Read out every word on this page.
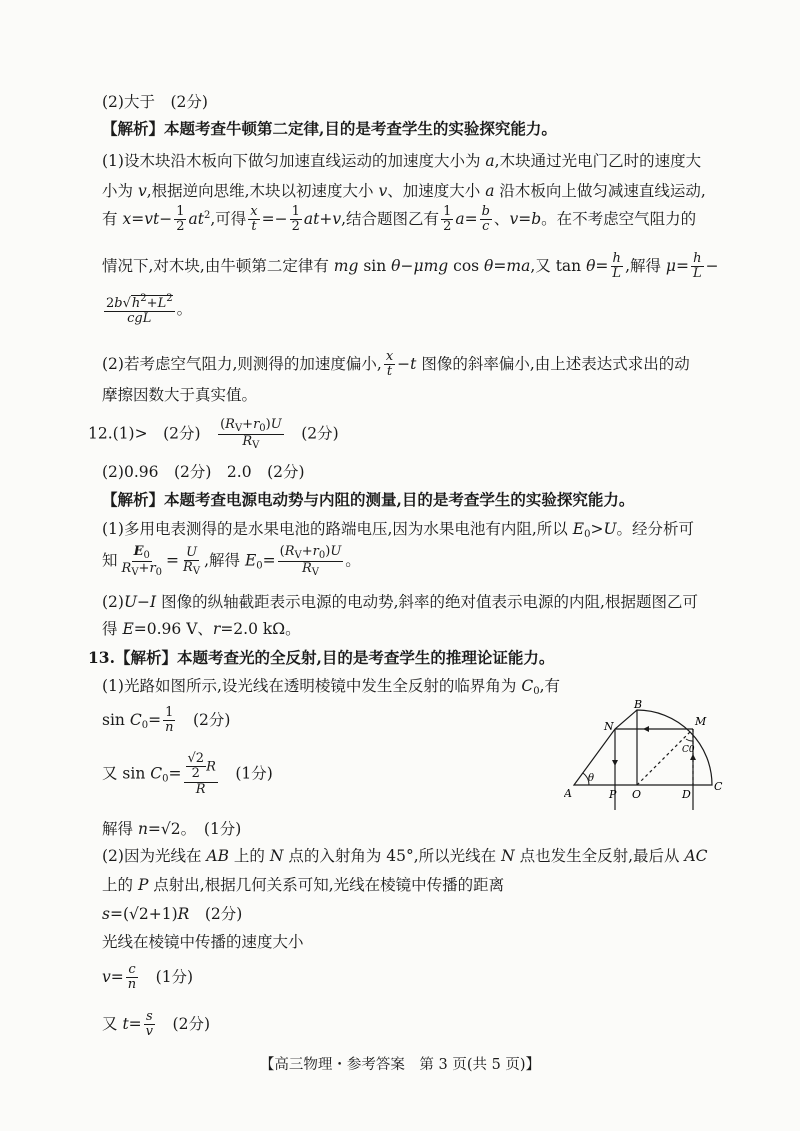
(2)大于　(2分)
【解析】本题考查牛顿第二定律,目的是考查学生的实验探究能力。
(1)设木块沿木板向下做匀加速直线运动的加速度大小为 a,木块通过光电门乙时的速度大
小为 v,根据逆向思维,木块以初速度大小 v、加速度大小 a 沿木板向上做匀减速直线运动,
有 $x=vt- \frac{1}{2} at^2$,可得 $\frac{x}{t} =- \frac{1}{2} at+v$,结合题图乙有 $\frac{1}{2} a= \frac{b}{c}$ 、v=b。在不考虑空气阻力的
情况下,对木块,由牛顿第二定律有 mg sin θ−μmg cos θ=ma,又 $\tan \theta= \frac{h}{L}$ ,解得 $\mu= \frac{h}{L}$ −
$\frac{2b√h^2+L^2}{\text{cgL}}$ 。
(2)若考虑空气阻力,则测得的加速度偏小, $\frac{x}{t} -t$ 图像的斜率偏小,由上述表达式求出的动
摩擦因数大于真实值。
12.(1)>　(2分)　 $\frac{(R_V+r_0)U}{R_V}$ 　(2分)
(2)0.96　(2分)　2.0　(2分)
【解析】本题考查电源电动势与内阻的测量,目的是考查学生的实验探究能力。
(1)多用电表测得的是水果电池的路端电压,因为水果电池有内阻,所以 $E_0>U$。经分析可
知 $\frac{E_0}{R_V+r_0} = \frac{U}{R_V}$ ,解得 $E_0= \frac{(R_V+r_0)U}{R_V}$ 。
(2)U−I 图像的纵轴截距表示电源的电动势,斜率的绝对值表示电源的内阻,根据题图乙可
得 E=0.96 V、r=2.0 kΩ。
13.【解析】本题考查光的全反射,目的是考查学生的推理论证能力。
(1)光路如图所示,设光线在透明棱镜中发生全反射的临界角为 $C_0$,有
$\sin C_0= \frac{1}{n}$ 　(2分)
又 $\sin C_0= \frac{\frac{√2}{2} R}{R}$ 　(1分)
解得 n=√2。　(1分)
(2)因为光线在 AB 上的 N 点的入射角为 45°,所以光线在 N 点也发生全反射,最后从 AC
上的 P 点射出,根据几何关系可知,光线在棱镜中传播的距离
s=(√2+1)R　(2分)
光线在棱镜中传播的速度大小
$v= \frac{c}{n}$ 　(1分)
又 $t= \frac{s}{v}$ 　(2分)
A	P O	D
C
B
N	M
θ
C0
【高三物理・参考答案　第 3 页(共 5 页)】
